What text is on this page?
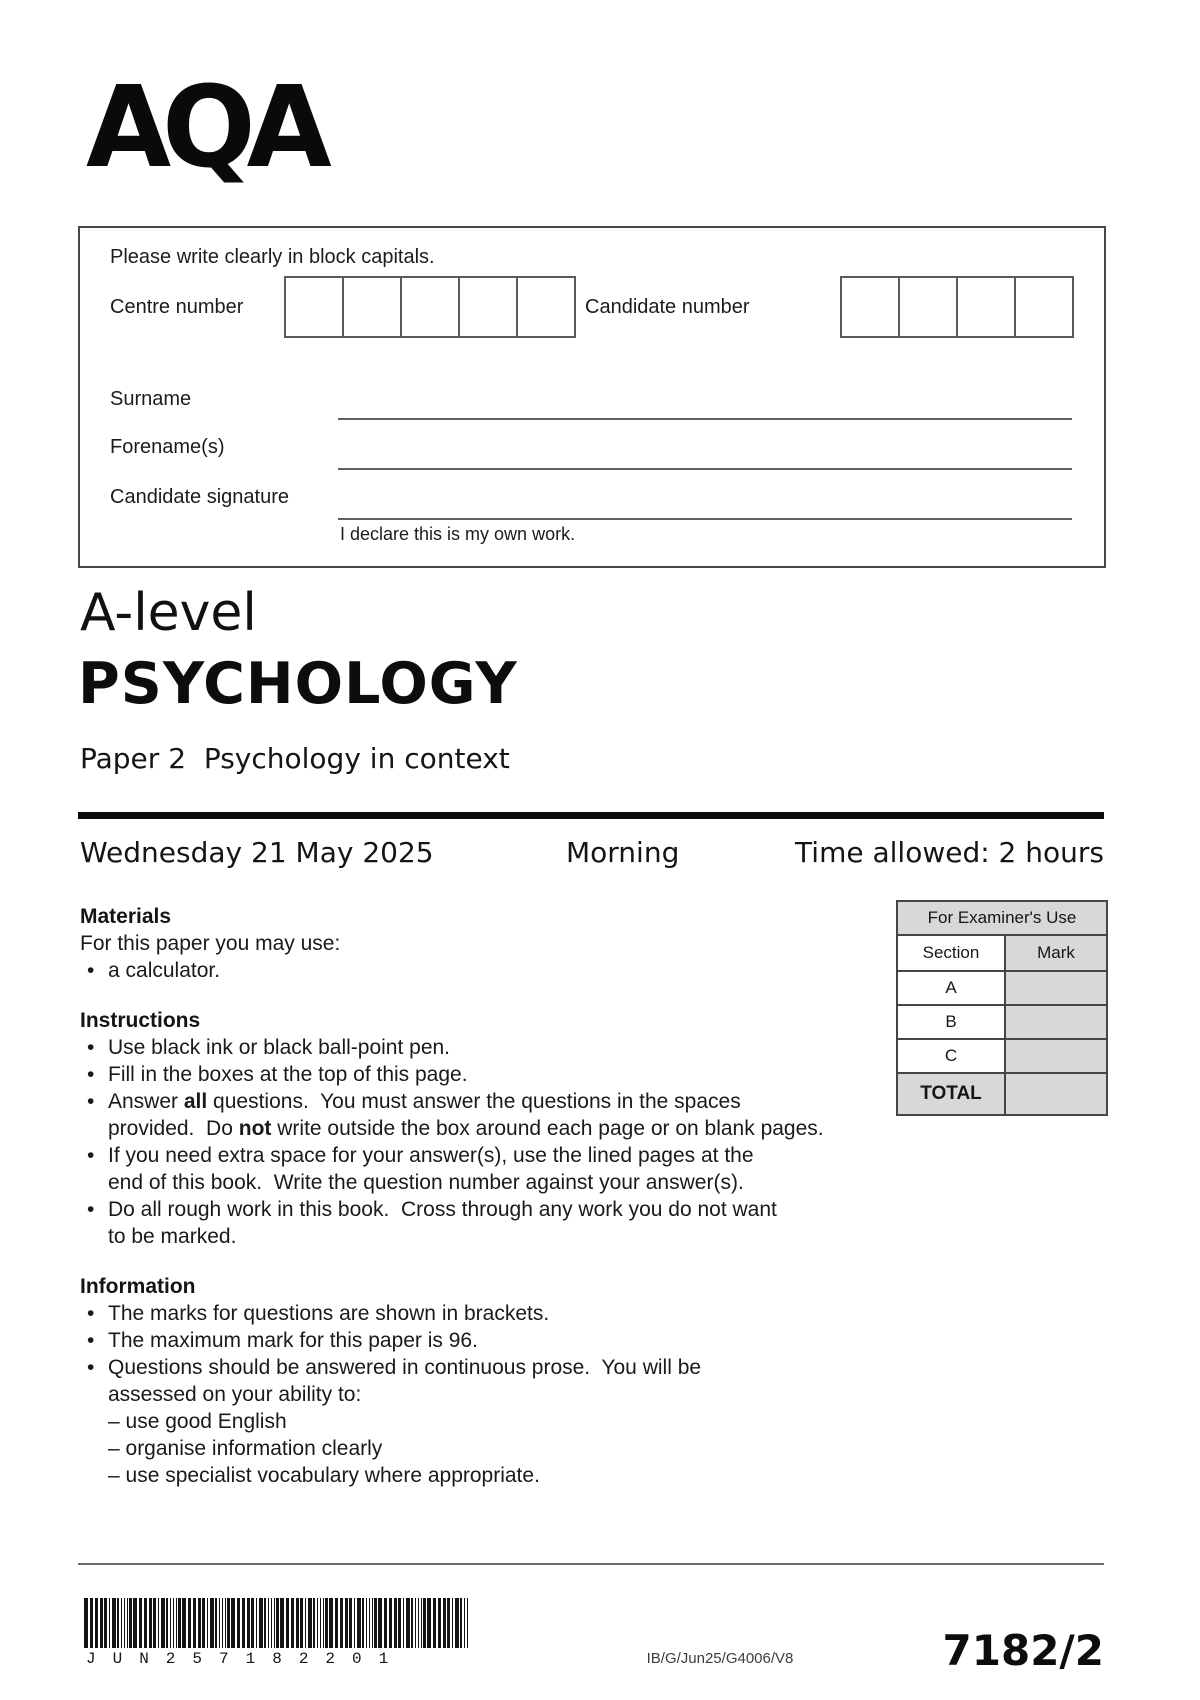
AQA
Please write clearly in block capitals.
Centre number	Candidate number
Surname
Forename(s)
Candidate signature
I declare this is my own work.
A-level
PSYCHOLOGY
Paper 2  Psychology in context
Wednesday 21 May 2025	Morning	Time allowed: 2 hours
Materials
For this paper you may use:
• a calculator.
Instructions
• Use black ink or black ball-point pen.
• Fill in the boxes at the top of this page.
• Answer all questions.  You must answer the questions in the spaces
provided.  Do not write outside the box around each page or on blank pages.
• If you need extra space for your answer(s), use the lined pages at the
end of this book.  Write the question number against your answer(s).
• Do all rough work in this book.  Cross through any work you do not want
to be marked.
Information
• The marks for questions are shown in brackets.
• The maximum mark for this paper is 96.
• Questions should be answered in continuous prose.  You will be
assessed on your ability to:
– use good English
– organise information clearly
– use specialist vocabulary where appropriate.
For Examiner's Use	
Section	Mark
A	
B	
C	
TOTAL	
JUN257182201	IB/G/Jun25/G4006/V8	7182/2
